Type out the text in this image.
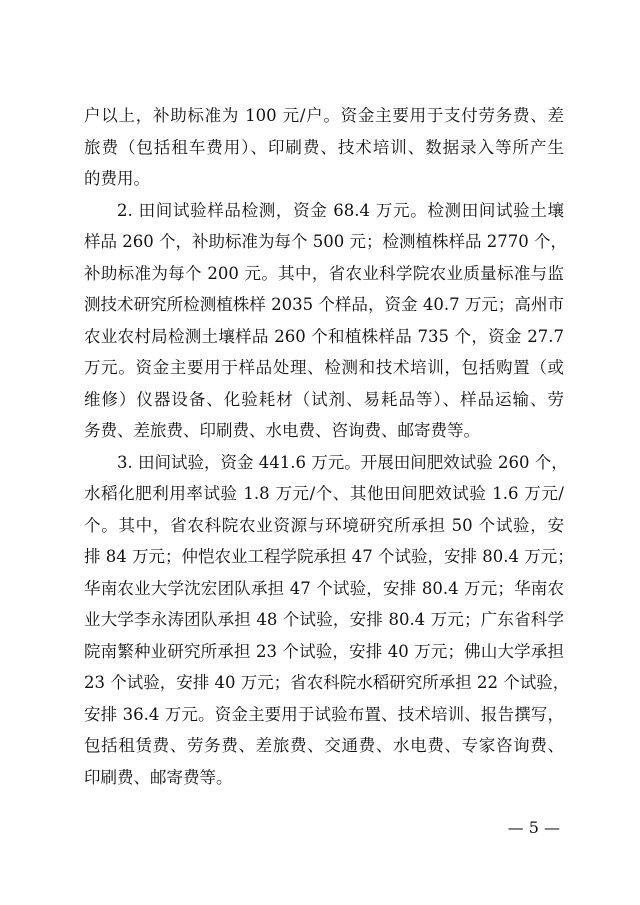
户以上，补助标准为 100 元/户。资金主要用于支付劳务费、差
旅费（包括租车费用）、印刷费、技术培训、数据录入等所产生
的费用。
2. 田间试验样品检测，资金 68.4 万元。检测田间试验土壤
样品 260 个，补助标准为每个 500 元；检测植株样品 2770 个，
补助标准为每个 200 元。其中，省农业科学院农业质量标准与监
测技术研究所检测植株样 2035 个样品，资金 40.7 万元；高州市
农业农村局检测土壤样品 260 个和植株样品 735 个，资金 27.7
万元。资金主要用于样品处理、检测和技术培训，包括购置（或
维修）仪器设备、化验耗材（试剂、易耗品等）、样品运输、劳
务费、差旅费、印刷费、水电费、咨询费、邮寄费等。
3. 田间试验，资金 441.6 万元。开展田间肥效试验 260 个，
水稻化肥利用率试验 1.8 万元/个、其他田间肥效试验 1.6 万元/
个。其中，省农科院农业资源与环境研究所承担 50 个试验，安
排 84 万元；仲恺农业工程学院承担 47 个试验，安排 80.4 万元；
华南农业大学沈宏团队承担 47 个试验，安排 80.4 万元；华南农
业大学李永涛团队承担 48 个试验，安排 80.4 万元；广东省科学
院南繁种业研究所承担 23 个试验，安排 40 万元；佛山大学承担
23 个试验，安排 40 万元；省农科院水稻研究所承担 22 个试验，
安排 36.4 万元。资金主要用于试验布置、技术培训、报告撰写，
包括租赁费、劳务费、差旅费、交通费、水电费、专家咨询费、
印刷费、邮寄费等。
— 5 —
